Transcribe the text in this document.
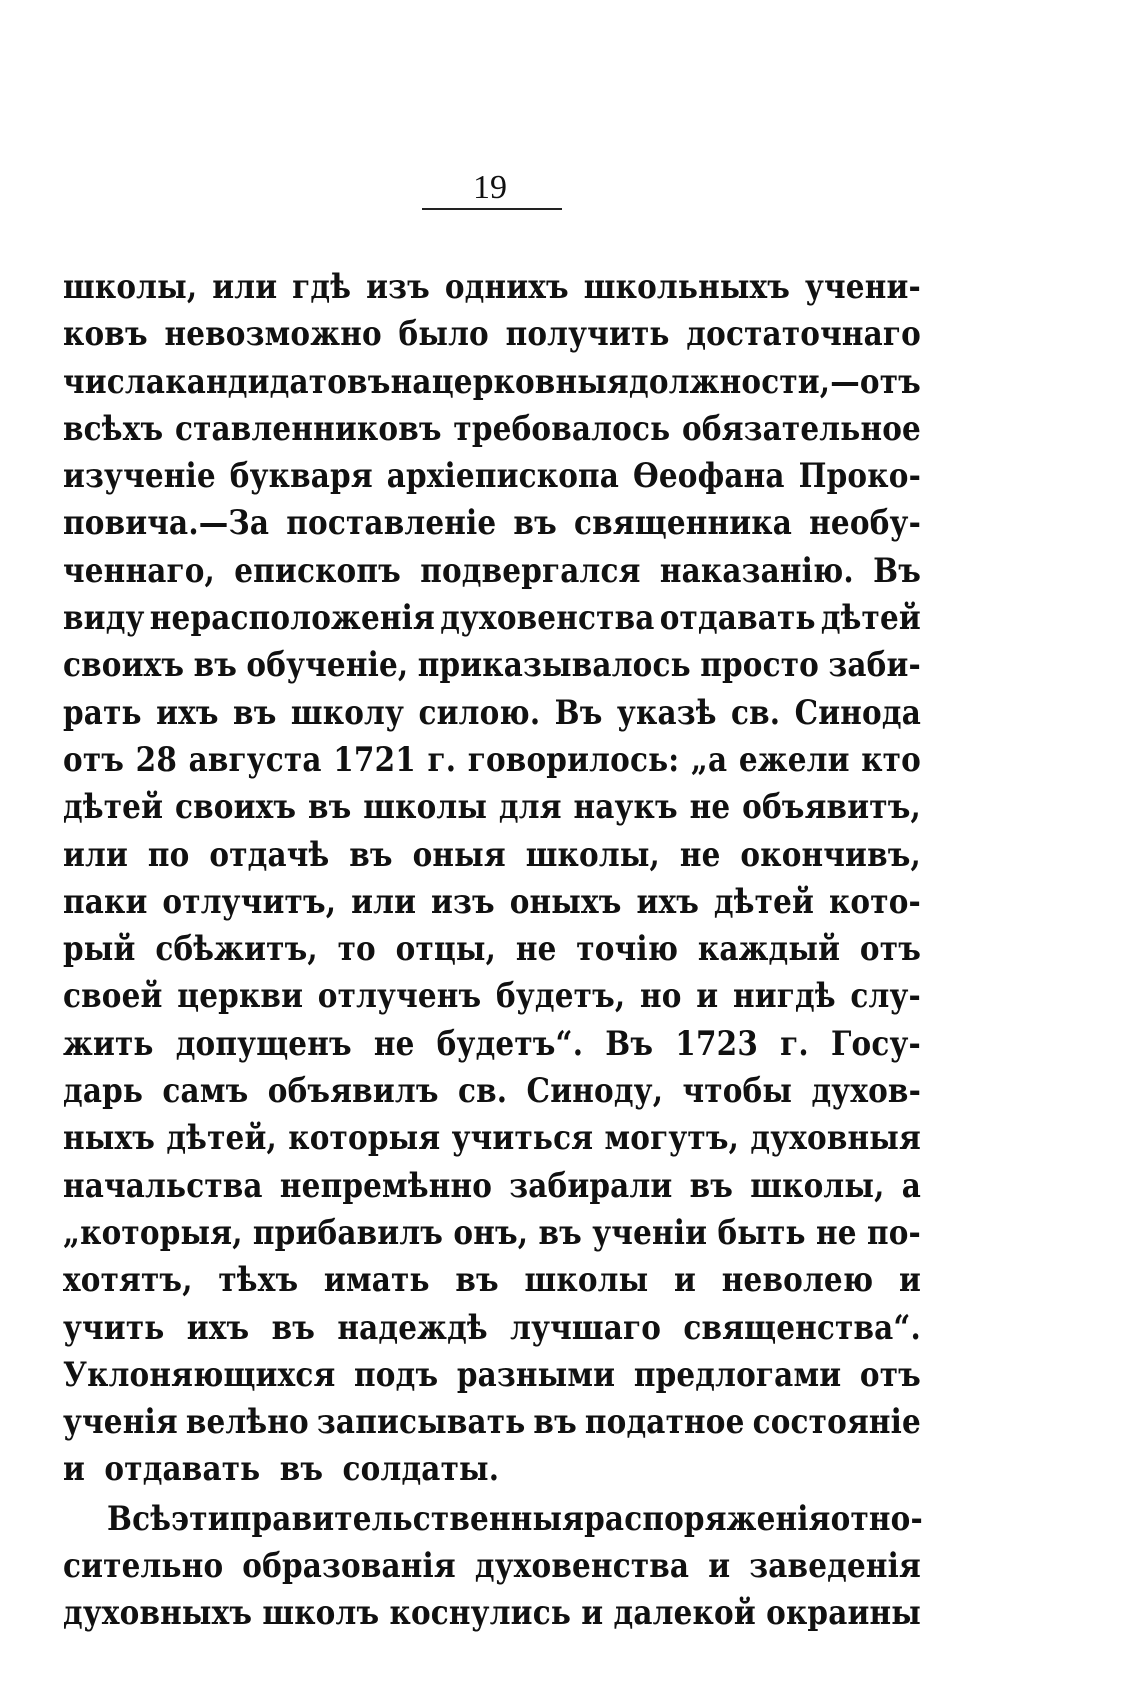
19
школы, или гдѣ изъ однихъ школьныхъ учени-
ковъ невозможно было получить достаточнаго
числа кандидатовъ на церковныя должности,—отъ
всѣхъ ставленниковъ требовалось обязательное
изученіе букваря архіепископа Ѳеофана Проко-
повича.—За поставленіе въ священника необу-
ченнаго, епископъ подвергался наказанію. Въ
виду нерасположенія духовенства отдавать дѣтей
своихъ въ обученіе, приказывалось просто заби-
рать ихъ въ школу силою. Въ указѣ св. Синода
отъ 28 августа 1721 г. говорилось: „а ежели кто
дѣтей своихъ въ школы для наукъ не объявитъ,
или по отдачѣ въ оныя школы, не окончивъ,
паки отлучитъ, или изъ оныхъ ихъ дѣтей кото-
рый сбѣжитъ, то отцы, не точію каждый отъ
своей церкви отлученъ будетъ, но и нигдѣ слу-
жить допущенъ не будетъ“. Въ 1723 г. Госу-
дарь самъ объявилъ св. Синоду, чтобы духов-
ныхъ дѣтей, которыя учиться могутъ, духовныя
начальства непремѣнно забирали въ школы, а
„которыя, прибавилъ онъ, въ ученіи быть не по-
хотятъ, тѣхъ имать въ школы и неволею и
учить ихъ въ надеждѣ лучшаго священства“.
Уклоняющихся подъ разными предлогами отъ
ученія велѣно записывать въ податное состояніе
и отдавать въ солдаты.
Всѣ эти правительственныя распоряженія отно-
сительно образованія духовенства и заведенія
духовныхъ школъ коснулись и далекой окраины
